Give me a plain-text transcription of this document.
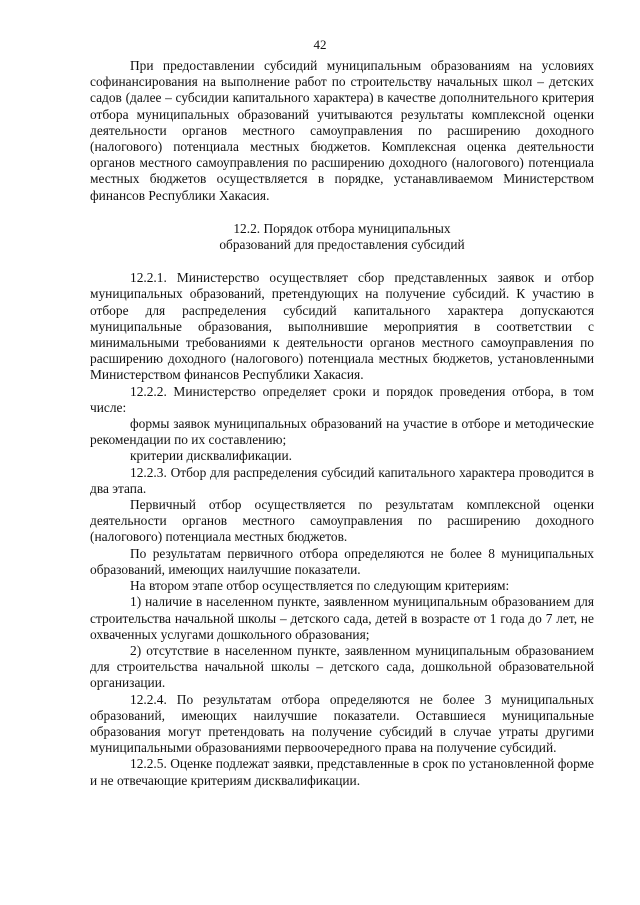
42

При предоставлении субсидий муниципальным образованиям на условиях софинансирования на выполнение работ по строительству начальных школ – детских садов (далее – субсидии капитального характера) в качестве дополнительного критерия отбора муниципальных образований учитываются результаты комплексной оценки деятельности органов местного самоуправления по расширению доходного (налогового) потенциала местных бюджетов. Комплексная оценка деятельности органов местного самоуправления по расширению доходного (налогового) потенциала местных бюджетов осуществляется в порядке, устанавливаемом Министерством финансов Республики Хакасия.

12.2. Порядок отбора муниципальных
образований для предоставления субсидий

12.2.1. Министерство осуществляет сбор представленных заявок и отбор муниципальных образований, претендующих на получение субсидий. К участию в отборе для распределения субсидий капитального характера допускаются муниципальные образования, выполнившие мероприятия в соответствии с минимальными требованиями к деятельности органов местного самоуправления по расширению доходного (налогового) потенциала местных бюджетов, установленными Министерством финансов Республики Хакасия.

12.2.2. Министерство определяет сроки и порядок проведения отбора, в том числе:

формы заявок муниципальных образований на участие в отборе и методические рекомендации по их составлению;

критерии дисквалификации.

12.2.3. Отбор для распределения субсидий капитального характера проводится в два этапа.

Первичный отбор осуществляется по результатам комплексной оценки деятельности органов местного самоуправления по расширению доходного (налогового) потенциала местных бюджетов.

По результатам первичного отбора определяются не более 8 муниципальных образований, имеющих наилучшие показатели.

На втором этапе отбор осуществляется по следующим критериям:

1) наличие в населенном пункте, заявленном муниципальным образованием для строительства начальной школы – детского сада, детей в возрасте от 1 года до 7 лет, не охваченных услугами дошкольного образования;

2) отсутствие в населенном пункте, заявленном муниципальным образованием для строительства начальной школы – детского сада, дошкольной образовательной организации.

12.2.4. По результатам отбора определяются не более 3 муниципальных образований, имеющих наилучшие показатели. Оставшиеся муниципальные образования могут претендовать на получение субсидий в случае утраты другими муниципальными образованиями первоочередного права на получение субсидий.

12.2.5. Оценке подлежат заявки, представленные в срок по установленной форме и не отвечающие критериям дисквалификации.
